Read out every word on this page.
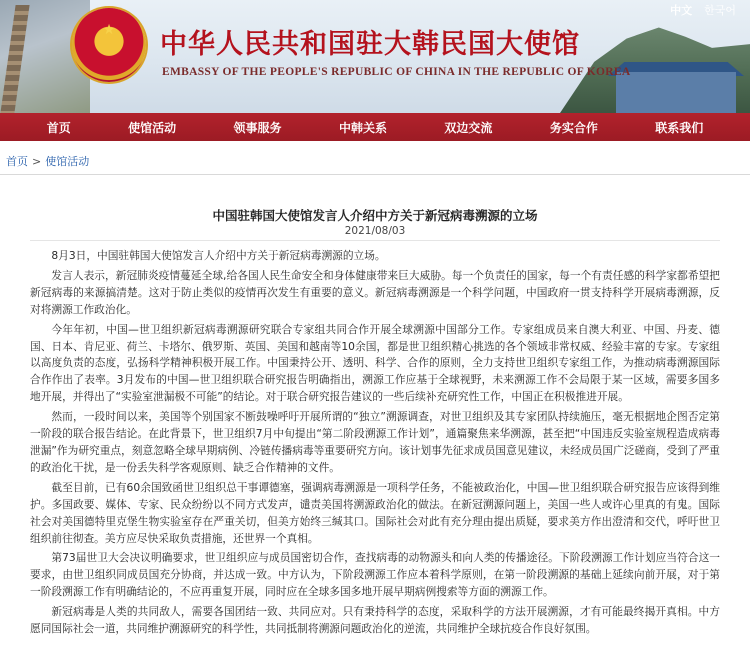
★ 中华人民共和国驻大韩民国大使馆
EMBASSY OF THE PEOPLE'S REPUBLIC OF CHINA IN THE REPUBLIC OF KOREA
中文 한국어
首页	使馆活动	领事服务	中韩关系	双边交流	务实合作	联系我们
首页 > 使馆活动
中国驻韩国大使馆发言人介绍中方关于新冠病毒溯源的立场
2021/08/03

8月3日，中国驻韩国大使馆发言人介绍中方关于新冠病毒溯源的立场。

发言人表示，新冠肺炎疫情蔓延全球,给各国人民生命安全和身体健康带来巨大威胁。每一个负责任的国家，每一个有责任感的科学家都希望把新冠病毒的来源搞清楚。这对于防止类似的疫情再次发生有重要的意义。新冠病毒溯源是一个科学问题，中国政府一贯支持科学开展病毒溯源，反对将溯源工作政治化。

今年年初，中国—世卫组织新冠病毒溯源研究联合专家组共同合作开展全球溯源中国部分工作。专家组成员来自澳大利亚、中国、丹麦、德国、日本、肯尼亚、荷兰、卡塔尔、俄罗斯、英国、美国和越南等10余国，都是世卫组织精心挑选的各个领域非常权威、经验丰富的专家。专家组以高度负责的态度，弘扬科学精神积极开展工作。中国秉持公开、透明、科学、合作的原则，全力支持世卫组织专家组工作，为推动病毒溯源国际合作作出了表率。3月发布的中国—世卫组织联合研究报告明确指出，溯源工作应基于全球视野，未来溯源工作不会局限于某一区域，需要多国多地开展，并得出了“实验室泄漏极不可能”的结论。对于联合研究报告建议的一些后续补充研究性工作，中国正在积极推进开展。

然而，一段时间以来，美国等个别国家不断鼓噪呼吁开展所谓的“独立”溯源调查，对世卫组织及其专家团队持续施压，毫无根据地企图否定第一阶段的联合报告结论。在此背景下，世卫组织7月中旬提出“第二阶段溯源工作计划”，通篇聚焦来华溯源，甚至把“中国违反实验室规程造成病毒泄漏”作为研究重点，刻意忽略全球早期病例、冷链传播病毒等重要研究方向。该计划事先征求成员国意见建议，未经成员国广泛磋商，受到了严重的政治化干扰，是一份丢失科学客观原则、缺乏合作精神的文件。

截至目前，已有60余国致函世卫组织总干事谭德塞，强调病毒溯源是一项科学任务，不能被政治化，中国—世卫组织联合研究报告应该得到维护。多国政要、媒体、专家、民众纷纷以不同方式发声，谴责美国将溯源政治化的做法。在新冠溯源问题上，美国一些人或许心里真的有鬼。国际社会对美国德特里克堡生物实验室存在严重关切，但美方始终三缄其口。国际社会对此有充分理由提出质疑，要求美方作出澄清和交代，呼吁世卫组织前往彻查。美方应尽快采取负责措施，还世界一个真相。

第73届世卫大会决议明确要求，世卫组织应与成员国密切合作，查找病毒的动物源头和向人类的传播途径。下阶段溯源工作计划应当符合这一要求，由世卫组织同成员国充分协商，并达成一致。中方认为，下阶段溯源工作应本着科学原则，在第一阶段溯源的基础上延续向前开展，对于第一阶段溯源工作有明确结论的，不应再重复开展，同时应在全球多国多地开展早期病例搜索等方面的溯源工作。

新冠病毒是人类的共同敌人，需要各国团结一致、共同应对。只有秉持科学的态度，采取科学的方法开展溯源，才有可能最终揭开真相。中方愿同国际社会一道，共同维护溯源研究的科学性，共同抵制将溯源问题政治化的逆流，共同维护全球抗疫合作良好氛围。
